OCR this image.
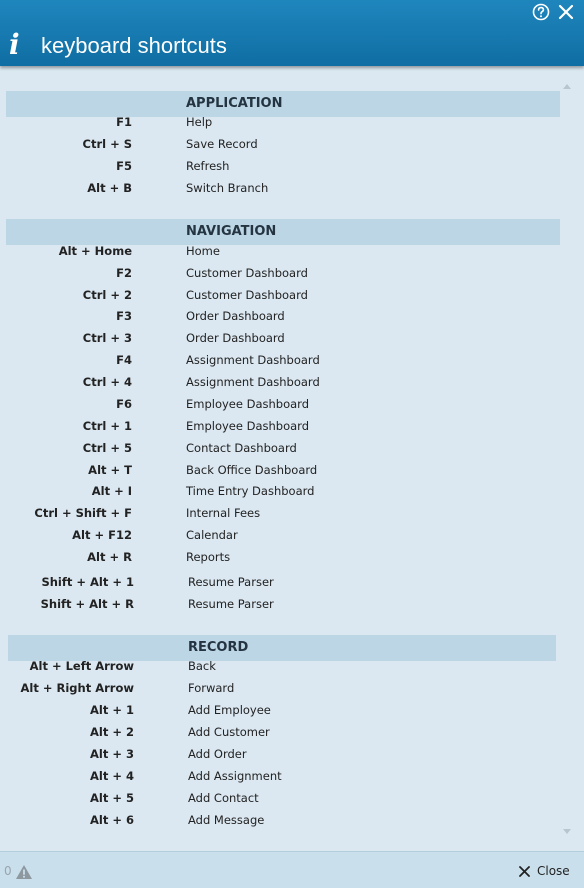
i keyboard shortcuts
APPLICATION
F1	Help
Ctrl + S	Save Record
F5	Refresh
Alt + B	Switch Branch
NAVIGATION
Alt + Home	Home
F2	Customer Dashboard
Ctrl + 2	Customer Dashboard
F3	Order Dashboard
Ctrl + 3	Order Dashboard
F4	Assignment Dashboard
Ctrl + 4	Assignment Dashboard
F6	Employee Dashboard
Ctrl + 1	Employee Dashboard
Ctrl + 5	Contact Dashboard
Alt + T	Back Office Dashboard
Alt + I	Time Entry Dashboard
Ctrl + Shift + F	Internal Fees
Alt + F12	Calendar
Alt + R	Reports
Shift + Alt + 1	Resume Parser
Shift + Alt + R	Resume Parser
RECORD
Alt + Left Arrow	Back
Alt + Right Arrow	Forward
Alt + 1	Add Employee
Alt + 2	Add Customer
Alt + 3	Add Order
Alt + 4	Add Assignment
Alt + 5	Add Contact
Alt + 6	Add Message
0	Close
